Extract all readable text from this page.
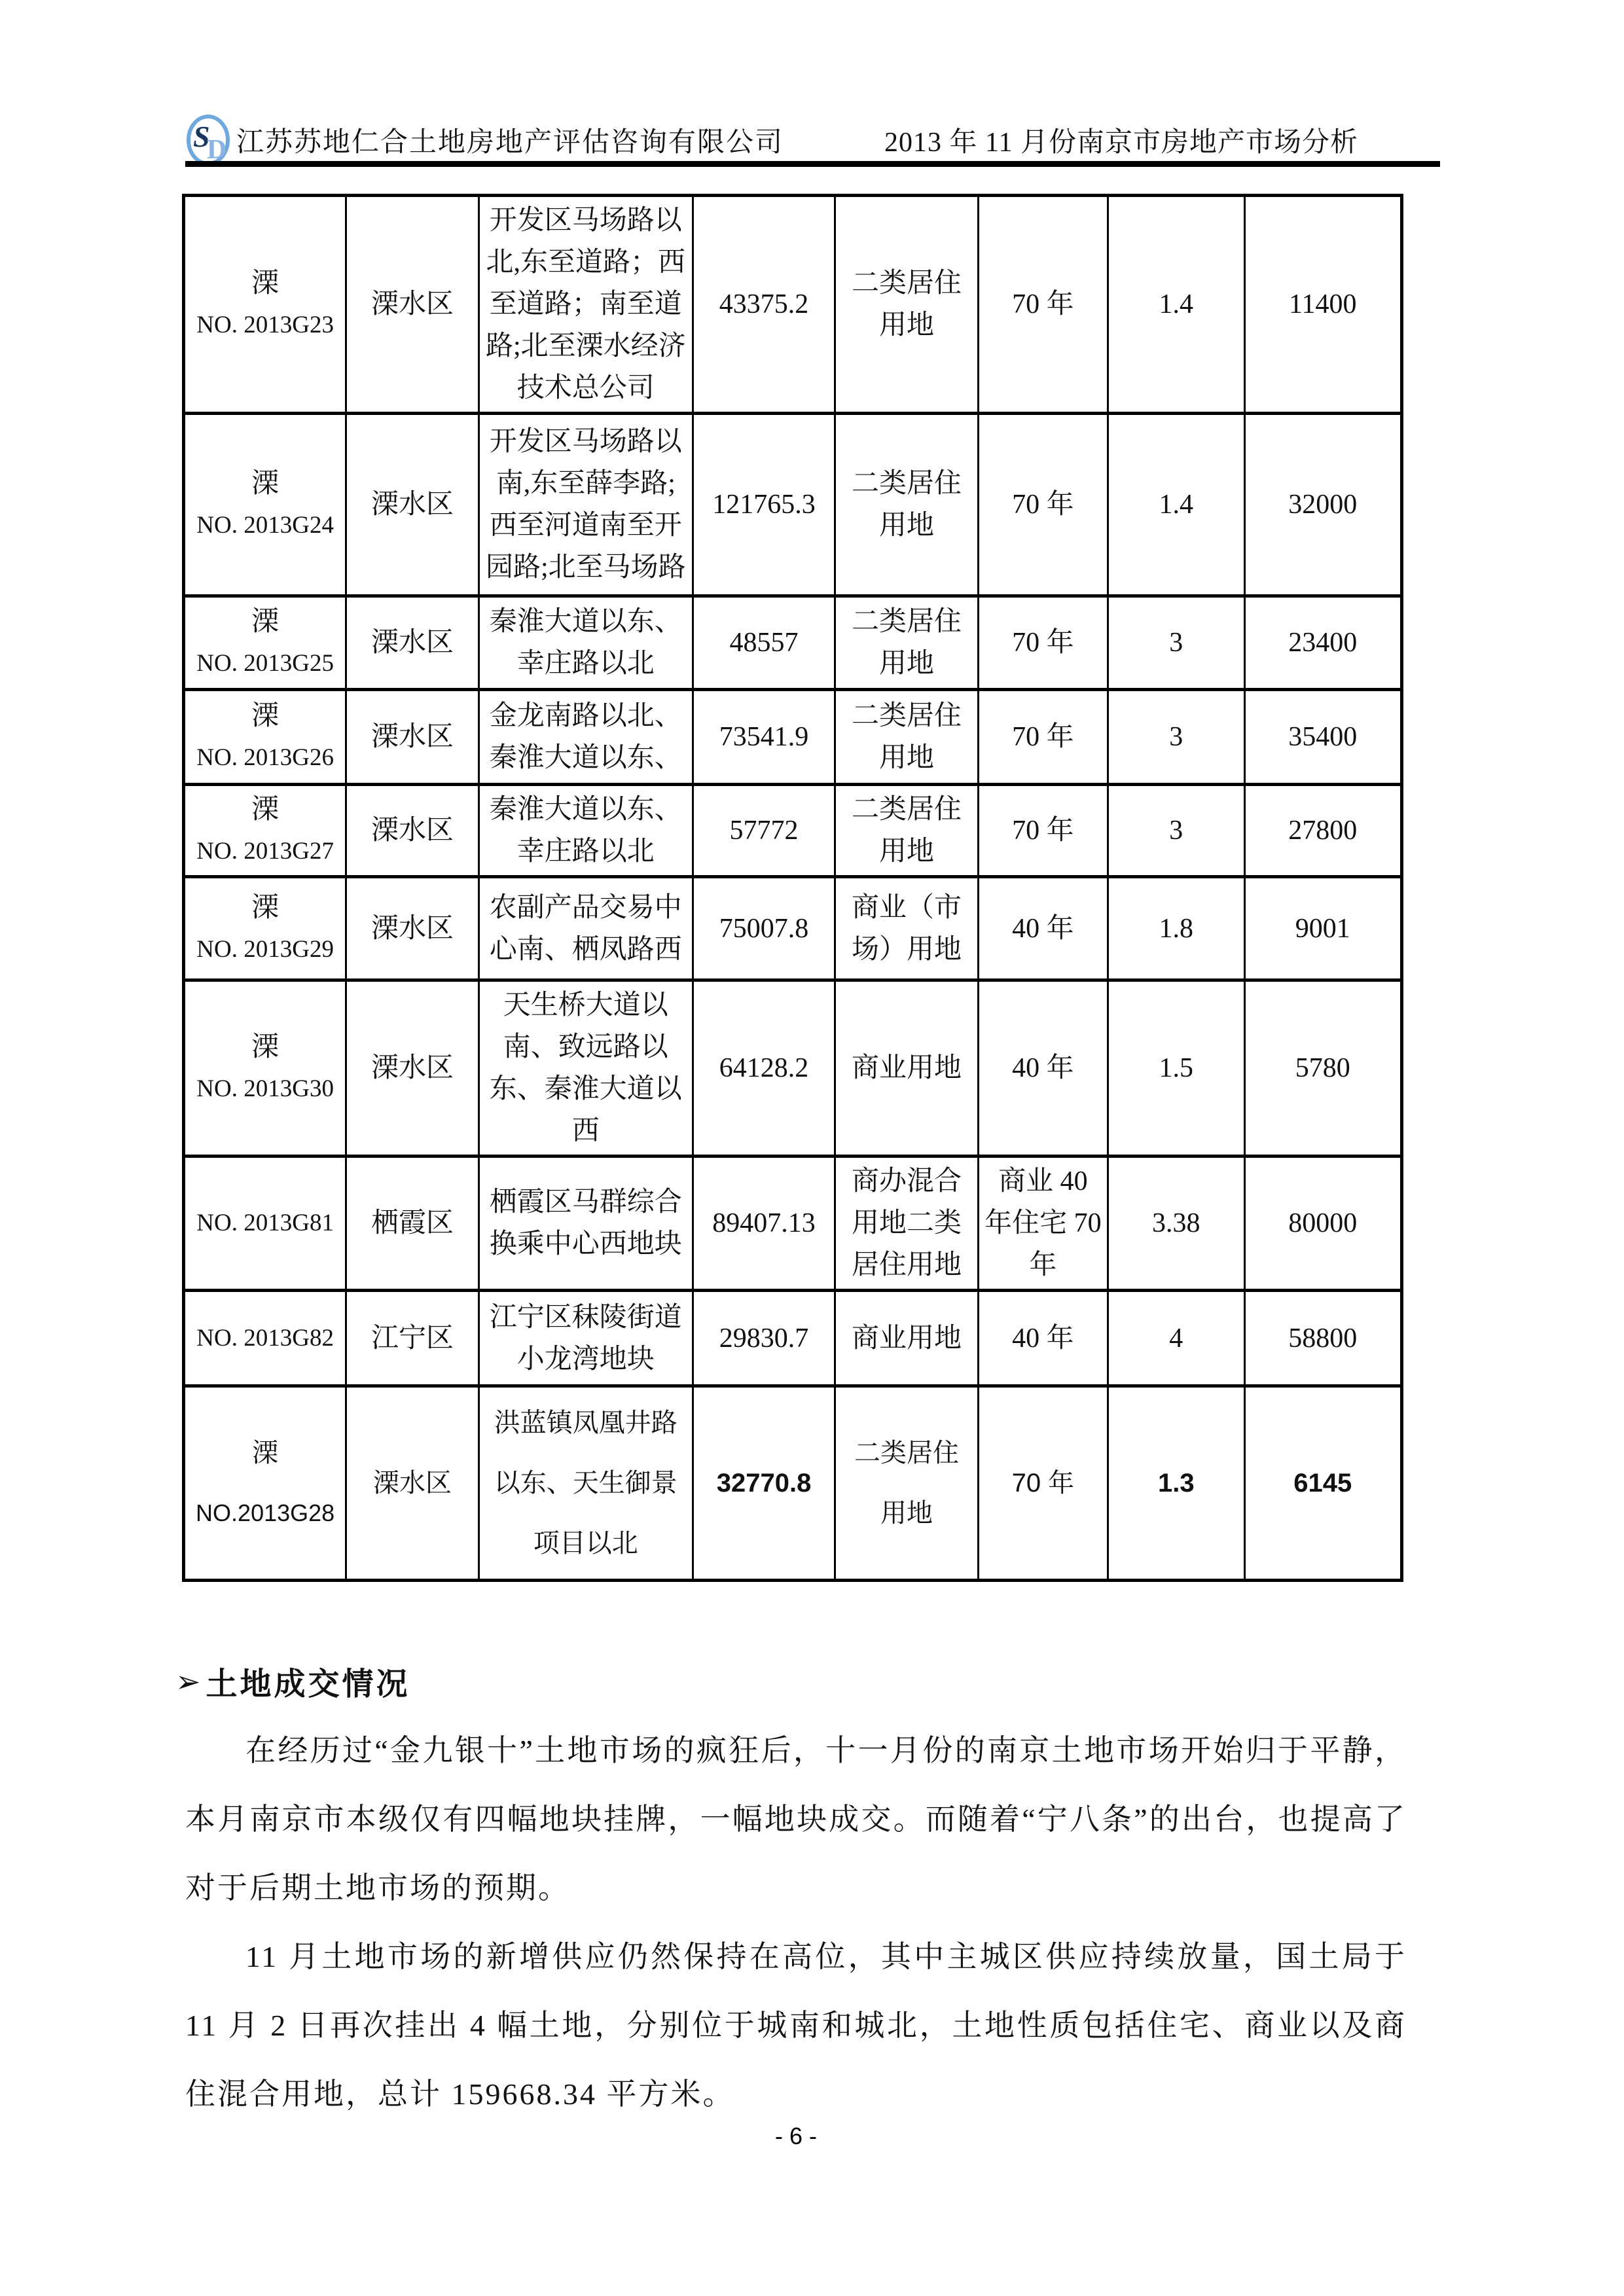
S
D 江苏苏地仁合土地房地产评估咨询有限公司	2013 年 11 月份南京市房地产市场分析
溧
NO. 2013G23	溧水区	开发区马场路以北,东至道路；西至道路；南至道路;北至溧水经济技术总公司	43375.2	二类居住用地	70 年	1.4	11400

溧
NO. 2013G24	溧水区	开发区马场路以南,东至薛李路;西至河道南至开园路;北至马场路	121765.3	二类居住用地	70 年	1.4	32000

溧
NO. 2013G25	溧水区	秦淮大道以东、幸庄路以北	48557	二类居住用地	70 年	3	23400

溧
NO. 2013G26	溧水区	金龙南路以北、秦淮大道以东、	73541.9	二类居住用地	70 年	3	35400

溧
NO. 2013G27	溧水区	秦淮大道以东、幸庄路以北	57772	二类居住用地	70 年	3	27800

溧
NO. 2013G29	溧水区	农副产品交易中心南、栖凤路西	75007.8	商业（市场）用地	40 年	1.8	9001

溧
NO. 2013G30	溧水区	天生桥大道以南、致远路以东、秦淮大道以西	64128.2	商业用地	40 年	1.5	5780

NO. 2013G81	栖霞区	栖霞区马群综合换乘中心西地块	89407.13	商办混合用地二类居住用地	商业 40 年住宅 70 年	3.38	80000

NO. 2013G82	江宁区	江宁区秣陵街道小龙湾地块	29830.7	商业用地	40 年	4	58800

溧
NO.2013G28	溧水区	洪蓝镇凤凰井路以东、天生御景项目以北	32770.8	二类居住用地	70 年	1.3	6145
➢ 土地成交情况

在经历过“金九银十”土地市场的疯狂后，十一月份的南京土地市场开始归于平静，本月南京市本级仅有四幅地块挂牌，一幅地块成交。而随着“宁八条”的出台，也提高了对于后期土地市场的预期。

11 月土地市场的新增供应仍然保持在高位，其中主城区供应持续放量，国土局于 11 月 2 日再次挂出 4 幅土地，分别位于城南和城北，土地性质包括住宅、商业以及商住混合用地，总计 159668.34 平方米。

- 6 -
